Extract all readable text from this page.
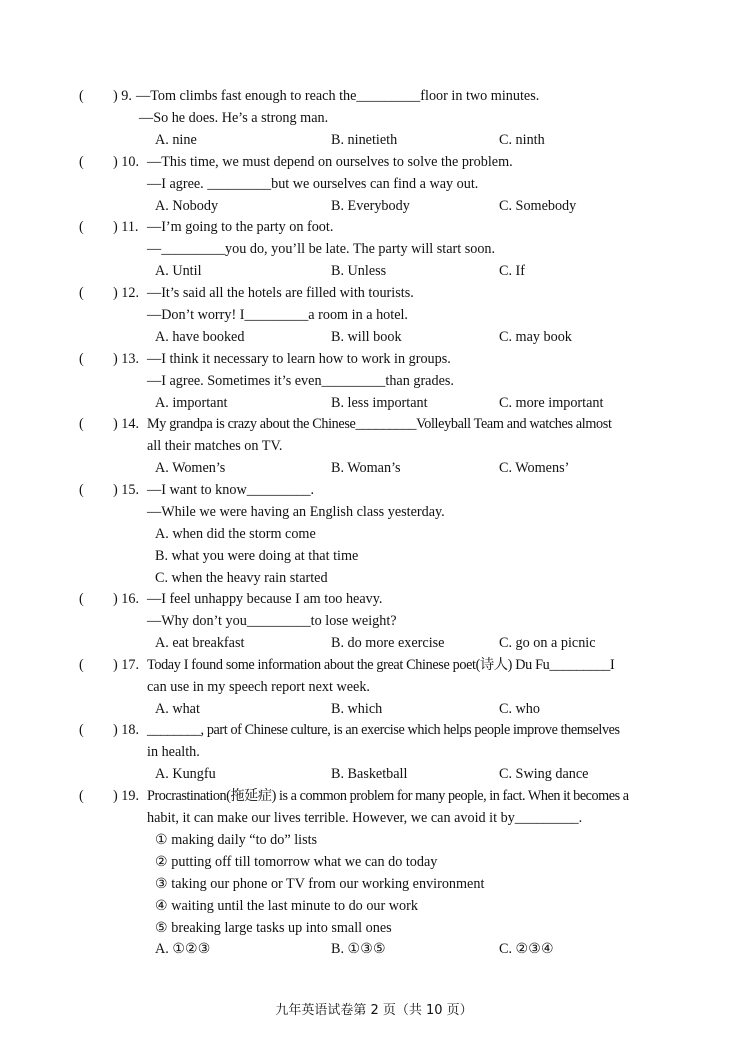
( ) 9. —Tom climbs fast enough to reach the_________floor in two minutes.
—So he does. He’s a strong man.
A. nine	B. ninetieth	C. ninth
( ) 10. —This time, we must depend on ourselves to solve the problem.
—I agree. _________but we ourselves can find a way out.
A. Nobody	B. Everybody	C. Somebody
( ) 11. —I’m going to the party on foot.
—_________you do, you’ll be late. The party will start soon.
A. Until	B. Unless	C. If
( ) 12. —It’s said all the hotels are filled with tourists.
—Don’t worry! I_________a room in a hotel.
A. have booked	B. will book	C. may book
( ) 13. —I think it necessary to learn how to work in groups.
—I agree. Sometimes it’s even_________than grades.
A. important	B. less important	C. more important
( ) 14. My grandpa is crazy about the Chinese_________Volleyball Team and watches almost
all their matches on TV.
A. Women’s	B. Woman’s	C. Womens’
( ) 15. —I want to know_________.
—While we were having an English class yesterday.
A. when did the storm come
B. what you were doing at that time
C. when the heavy rain started
( ) 16. —I feel unhappy because I am too heavy.
—Why don’t you_________to lose weight?
A. eat breakfast	B. do more exercise	C. go on a picnic
( ) 17. Today I found some information about the great Chinese poet(诗人) Du Fu_________I
can use in my speech report next week.
A. what	B. which	C. who
( ) 18. ________, part of Chinese culture, is an exercise which helps people improve themselves
in health.
A. Kungfu	B. Basketball	C. Swing dance
( ) 19. Procrastination(拖延症) is a common problem for many people, in fact. When it becomes a
habit, it can make our lives terrible. However, we can avoid it by_________.
① making daily “to do” lists
② putting off till tomorrow what we can do today
③ taking our phone or TV from our working environment
④ waiting until the last minute to do our work
⑤ breaking large tasks up into small ones
A. ①②③	B. ①③⑤	C. ②③④
九年英语试卷第 2 页（共 10 页）
